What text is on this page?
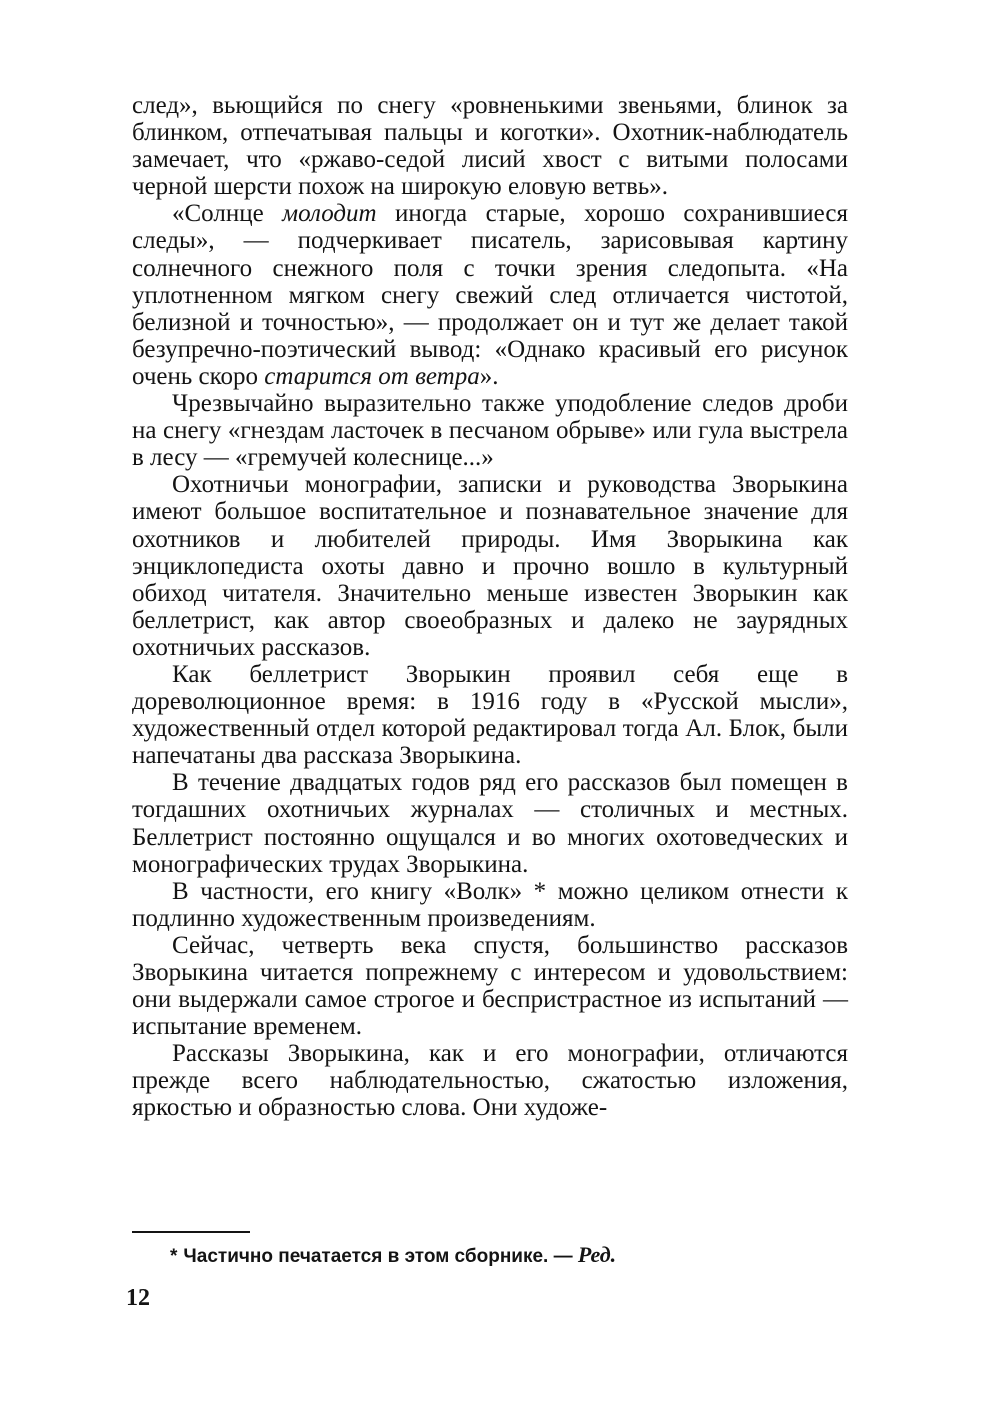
след», вьющийся по снегу «ровненькими звеньями, блинок за блинком, отпечатывая пальцы и коготки». Охотник-наблюдатель замечает, что «ржаво-седой лисий хвост с витыми полосами черной шерсти похож на широкую еловую ветвь».

«Солнце молодит иногда старые, хорошо сохранившиеся следы», — подчеркивает писатель, зарисовывая картину солнечного снежного поля с точки зрения следопыта. «На уплотненном мягком снегу свежий след отличается чистотой, белизной и точностью», — продолжает он и тут же делает такой безупречно-поэтический вывод: «Однако красивый его рисунок очень скоро старится от ветра».

Чрезвычайно выразительно также уподобление следов дроби на снегу «гнездам ласточек в песчаном обрыве» или гула выстрела в лесу — «гремучей колеснице...»

Охотничьи монографии, записки и руководства Зворыкина имеют большое воспитательное и познавательное значение для охотников и любителей природы. Имя Зворыкина как энциклопедиста охоты давно и прочно вошло в культурный обиход читателя. Значительно меньше известен Зворыкин как беллетрист, как автор своеобразных и далеко не заурядных охотничьих рассказов.

Как беллетрист Зворыкин проявил себя еще в дореволюционное время: в 1916 году в «Русской мысли», художественный отдел которой редактировал тогда Ал. Блок, были напечатаны два рассказа Зворыкина.

В течение двадцатых годов ряд его рассказов был помещен в тогдашних охотничьих журналах — столичных и местных. Беллетрист постоянно ощущался и во многих охотоведческих и монографических трудах Зворыкина.

В частности, его книгу «Волк» * можно целиком отнести к подлинно художественным произведениям.

Сейчас, четверть века спустя, большинство рассказов Зворыкина читается попрежнему с интересом и удовольствием: они выдержали самое строгое и беспристрастное из испытаний — испытание временем.

Рассказы Зворыкина, как и его монографии, отличаются прежде всего наблюдательностью, сжатостью изложения, яркостью и образностью слова. Они художе-

* Частично печатается в этом сборнике. — Ред.

12
